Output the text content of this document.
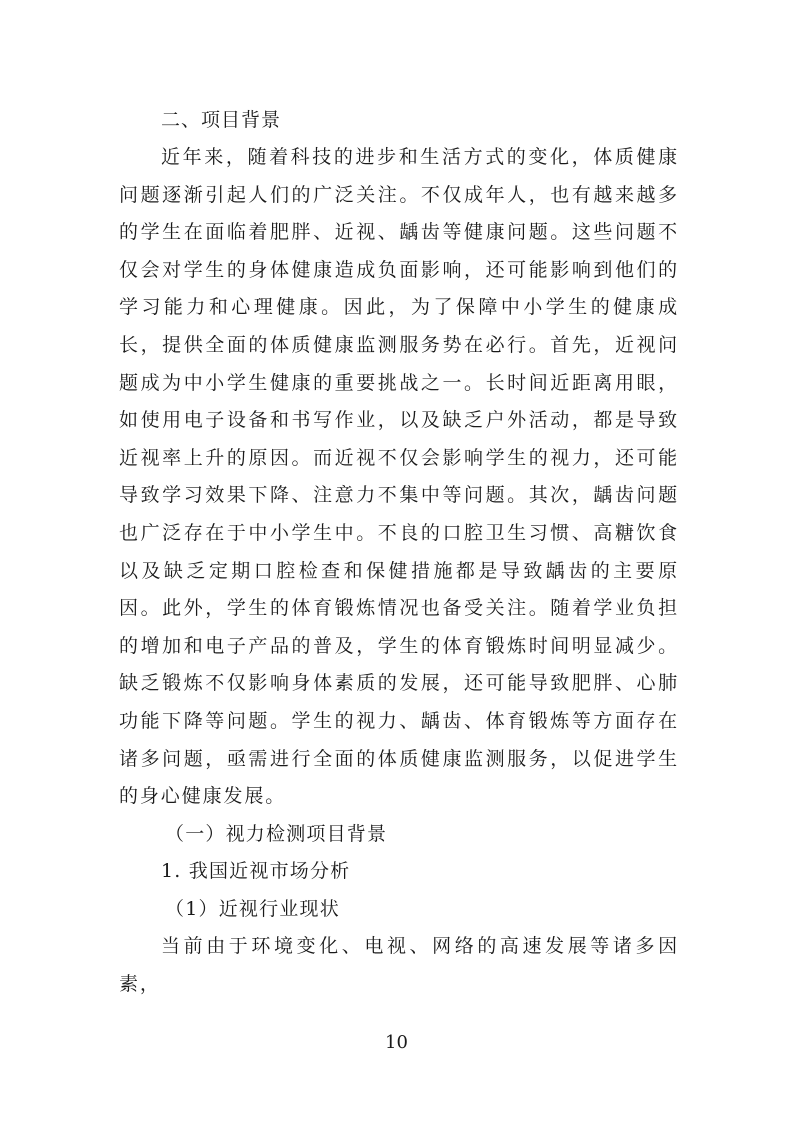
二、项目背景

近年来，随着科技的进步和生活方式的变化，体质健康问题逐渐引起人们的广泛关注。不仅成年人，也有越来越多的学生在面临着肥胖、近视、龋齿等健康问题。这些问题不仅会对学生的身体健康造成负面影响，还可能影响到他们的学习能力和心理健康。因此，为了保障中小学生的健康成长，提供全面的体质健康监测服务势在必行。首先，近视问题成为中小学生健康的重要挑战之一。长时间近距离用眼，如使用电子设备和书写作业，以及缺乏户外活动，都是导致近视率上升的原因。而近视不仅会影响学生的视力，还可能导致学习效果下降、注意力不集中等问题。其次，龋齿问题也广泛存在于中小学生中。不良的口腔卫生习惯、高糖饮食以及缺乏定期口腔检查和保健措施都是导致龋齿的主要原因。此外，学生的体育锻炼情况也备受关注。随着学业负担的增加和电子产品的普及，学生的体育锻炼时间明显减少。缺乏锻炼不仅影响身体素质的发展，还可能导致肥胖、心肺功能下降等问题。学生的视力、龋齿、体育锻炼等方面存在诸多问题，亟需进行全面的体质健康监测服务，以促进学生的身心健康发展。

（一）视力检测项目背景

1. 我国近视市场分析

（1）近视行业现状

当前由于环境变化、电视、网络的高速发展等诸多因素，

10
